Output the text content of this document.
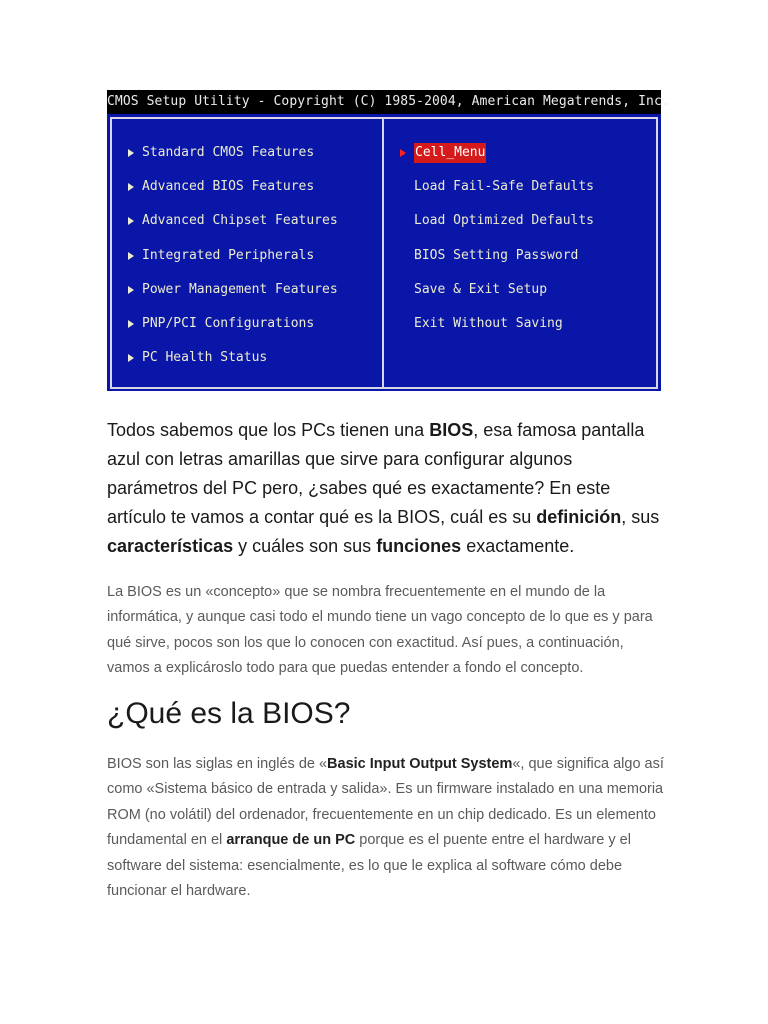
CMOS Setup Utility - Copyright (C) 1985-2004, American Megatrends, Inc.
Standard CMOS Features
Advanced BIOS Features
Advanced Chipset Features
Integrated Peripherals
Power Management Features
PNP/PCI Configurations
PC Health Status
Cell_Menu
Load Fail-Safe Defaults
Load Optimized Defaults
BIOS Setting Password
Save & Exit Setup
Exit Without Saving

Todos sabemos que los PCs tienen una BIOS, esa famosa pantalla azul con letras amarillas que sirve para configurar algunos parámetros del PC pero, ¿sabes qué es exactamente? En este artículo te vamos a contar qué es la BIOS, cuál es su definición, sus características y cuáles son sus funciones exactamente.

La BIOS es un «concepto» que se nombra frecuentemente en el mundo de la informática, y aunque casi todo el mundo tiene un vago concepto de lo que es y para qué sirve, pocos son los que lo conocen con exactitud. Así pues, a continuación, vamos a explicároslo todo para que puedas entender a fondo el concepto.

¿Qué es la BIOS?

BIOS son las siglas en inglés de «Basic Input Output System«, que significa algo así como «Sistema básico de entrada y salida». Es un firmware instalado en una memoria ROM (no volátil) del ordenador, frecuentemente en un chip dedicado. Es un elemento fundamental en el arranque de un PC porque es el puente entre el hardware y el software del sistema: esencialmente, es lo que le explica al software cómo debe funcionar el hardware.
